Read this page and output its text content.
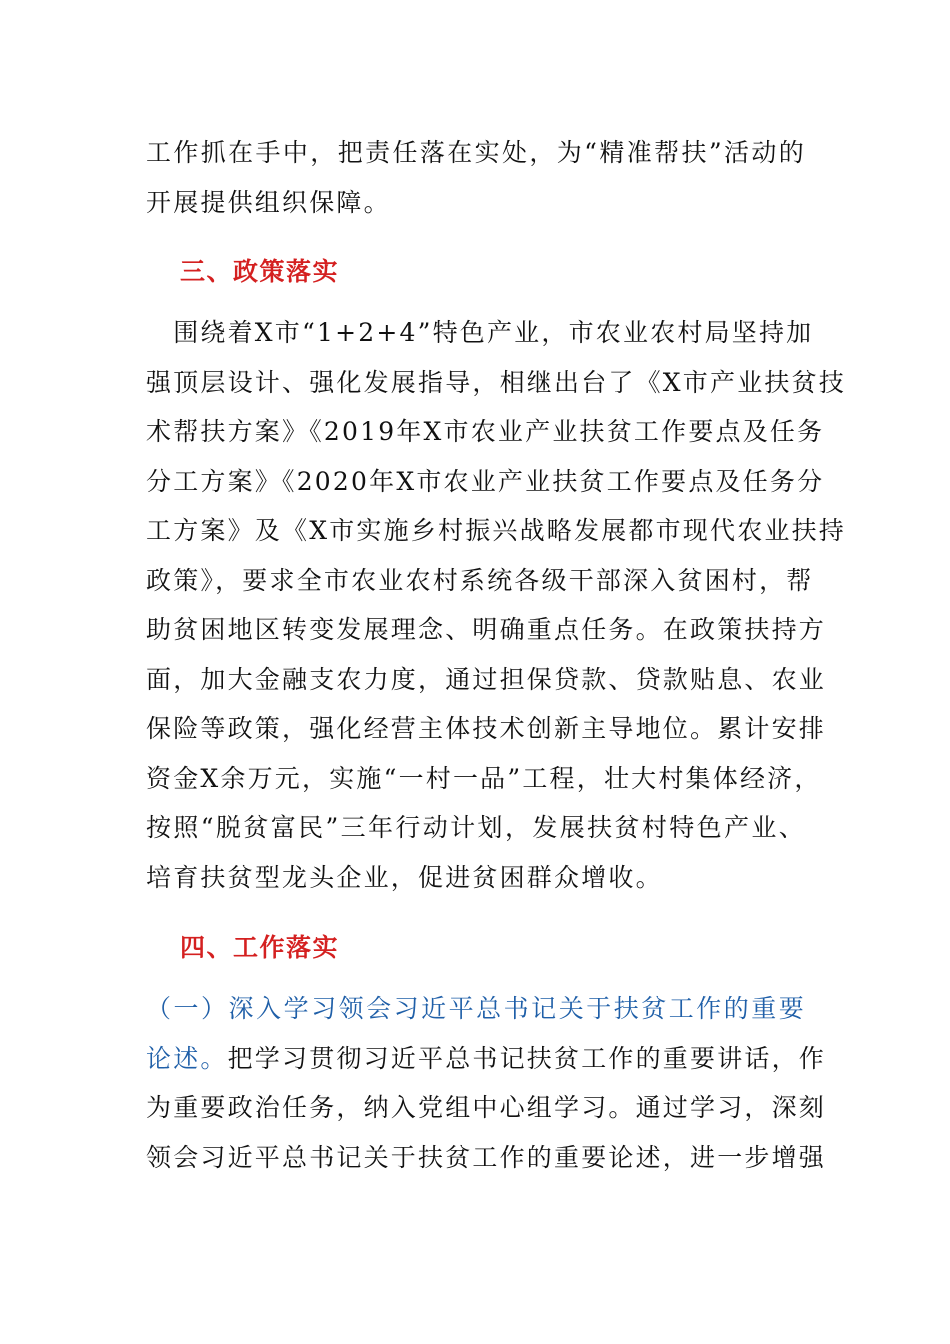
工作抓在手中，把责任落在实处，为“精准帮扶”活动的
开展提供组织保障。
三、政策落实
　围绕着X市“1+2+4”特色产业，市农业农村局坚持加
强顶层设计、强化发展指导，相继出台了《X市产业扶贫技
术帮扶方案》《2019年X市农业产业扶贫工作要点及任务
分工方案》《2020年X市农业产业扶贫工作要点及任务分
工方案》及《X市实施乡村振兴战略发展都市现代农业扶持
政策》，要求全市农业农村系统各级干部深入贫困村，帮
助贫困地区转变发展理念、明确重点任务。在政策扶持方
面，加大金融支农力度，通过担保贷款、贷款贴息、农业
保险等政策，强化经营主体技术创新主导地位。累计安排
资金X余万元，实施“一村一品”工程，壮大村集体经济，
按照“脱贫富民”三年行动计划，发展扶贫村特色产业、
培育扶贫型龙头企业，促进贫困群众增收。
四、工作落实
（一）深入学习领会习近平总书记关于扶贫工作的重要
论述。把学习贯彻习近平总书记扶贫工作的重要讲话，作
为重要政治任务，纳入党组中心组学习。通过学习，深刻
领会习近平总书记关于扶贫工作的重要论述，进一步增强
